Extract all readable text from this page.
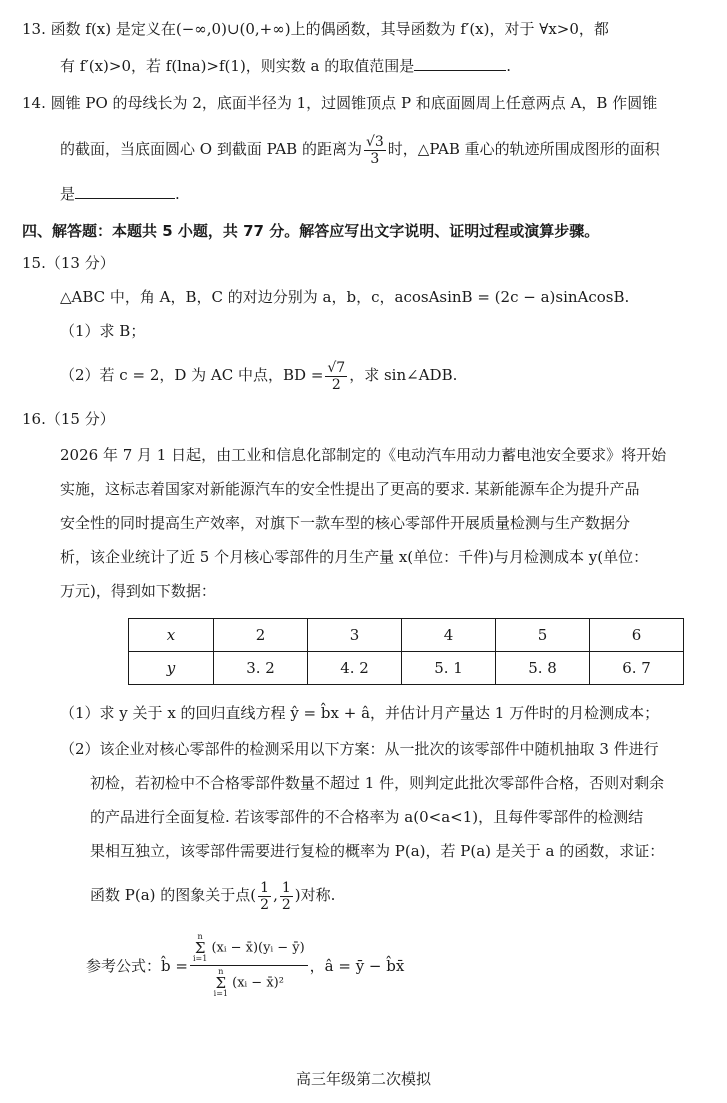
13. 函数 f(x) 是定义在(−∞,0)∪(0,+∞)上的偶函数，其导函数为 f′(x)，对于 ∀x>0，都
有 f′(x)>0，若 f(lna)>f(1)，则实数 a 的取值范围是	.
14. 圆锥 PO 的母线长为 2，底面半径为 1，过圆锥顶点 P 和底面圆周上任意两点 A，B 作圆锥
的截面，当底面圆心 O 到截面 PAB 的距离为 $\frac{√3}{3}$ 时，△PAB 重心的轨迹所围成图形的面积
是	.
四、解答题：本题共 5 小题，共 77 分。解答应写出文字说明、证明过程或演算步骤。
15.（13 分）
△ABC 中，角 A，B，C 的对边分别为 a，b，c，acosAsinB = (2c − a)sinAcosB.
（1）求 B；
（2）若 c = 2，D 为 AC 中点，BD = $\frac{√7}{2}$ ，求 sin∠ADB.
16.（15 分）
2026 年 7 月 1 日起，由工业和信息化部制定的《电动汽车用动力蓄电池安全要求》将开始
实施，这标志着国家对新能源汽车的安全性提出了更高的要求. 某新能源车企为提升产品
安全性的同时提高生产效率，对旗下一款车型的核心零部件开展质量检测与生产数据分
析，该企业统计了近 5 个月核心零部件的月生产量 x(单位：千件)与月检测成本 y(单位：
万元)，得到如下数据：
x	2	3	4	5	6
y	3. 2	4. 2	5. 1	5. 8	6. 7
（1）求 y 关于 x 的回归直线方程 ŷ = b̂x + â，并估计月产量达 1 万件时的月检测成本；
（2）该企业对核心零部件的检测采用以下方案：从一批次的该零部件中随机抽取 3 件进行
初检，若初检中不合格零部件数量不超过 1 件，则判定此批次零部件合格，否则对剩余
的产品进行全面复检. 若该零部件的不合格率为 a(0<a<1)，且每件零部件的检测结
果相互独立，该零部件需要进行复检的概率为 P(a)，若 P(a) 是关于 a 的函数，求证：
函数 P(a) 的图象关于点( $\frac{1}{2}$ , $\frac{1}{2}$ )对称.
参考公式：b̂ = n
Σ
i=1
(xᵢ − x̄)(yᵢ − ȳ)
n
Σ
i=1
(xᵢ − x̄)² ，â = ȳ − b̂x̄
高三年级第二次模拟
